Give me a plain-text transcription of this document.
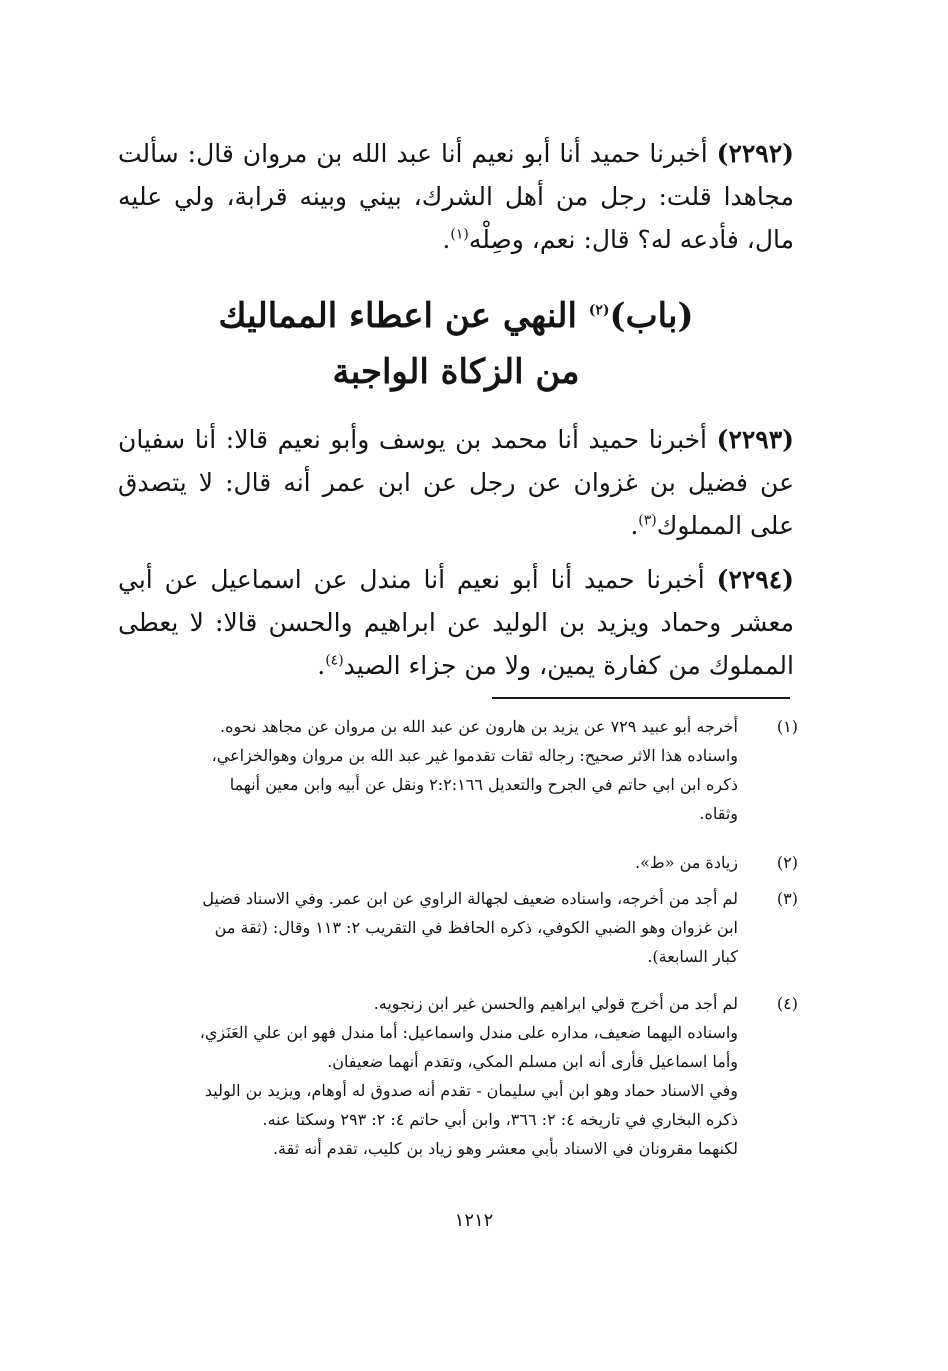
(٢٢٩٢) أخبرنا حميد أنا أبو نعيم أنا عبد الله بن مروان قال: سألت مجاهدا قلت: رجل من أهل الشرك، بيني وبينه قرابة، ولي عليه مال، فأدعه له؟ قال: نعم، وصِلْه$^{(١)}$.
(باب)$^{(٢)}$ النهي عن اعطاء المماليك
من الزكاة الواجبة
(٢٢٩٣) أخبرنا حميد أنا محمد بن يوسف وأبو نعيم قالا: أنا سفيان عن فضيل بن غزوان عن رجل عن ابن عمر أنه قال: لا يتصدق على المملوك$^{(٣)}$.
(٢٢٩٤) أخبرنا حميد أنا أبو نعيم أنا مندل عن اسماعيل عن أبي معشر وحماد ويزيد بن الوليد عن ابراهيم والحسن قالا: لا يعطى المملوك من كفارة يمين، ولا من جزاء الصيد$^{(٤)}$.
(١)
أخرجه أبو عبيد ٧٢٩ عن يزيد بن هارون عن عبد الله بن مروان عن مجاهد نحوه.
واسناده هذا الاثر صحيح: رجاله ثقات تقدموا غير عبد الله بن مروان وهوالخزاعي،
ذكره ابن ابي حاتم في الجرح والتعديل ٢:٢:١٦٦ ونقل عن أبيه وابن معين أنهما
وثقاه.
(٢)
زيادة من «ط».
(٣)
لم أجد من أخرجه، واسناده ضعيف لجهالة الراوي عن ابن عمر. وفي الاسناد فضيل
ابن غزوان وهو الضبي الكوفي، ذكره الحافظ في التقريب ٢: ١١٣ وقال: (ثقة من
كبار السابعة).
(٤)
لم أجد من أخرج قولي ابراهيم والحسن غير ابن زنجويه.
واسناده اليهما ضعيف، مداره على مندل واسماعيل: أما مندل فهو ابن علي العَنَزي،
وأما اسماعيل فأرى أنه ابن مسلم المكي، وتقدم أنهما ضعيفان.
وفي الاسناد حماد وهو ابن أبي سليمان - تقدم أنه صدوق له أوهام، ويزيد بن الوليد
ذكره البخاري في تاريخه ٤: ٢: ٣٦٦، وابن أبي حاتم ٤: ٢: ٢٩٣ وسكتا عنه.
لكنهما مقرونان في الاسناد بأبي معشر وهو زياد بن كليب، تقدم أنه ثقة.
١٢١٢
